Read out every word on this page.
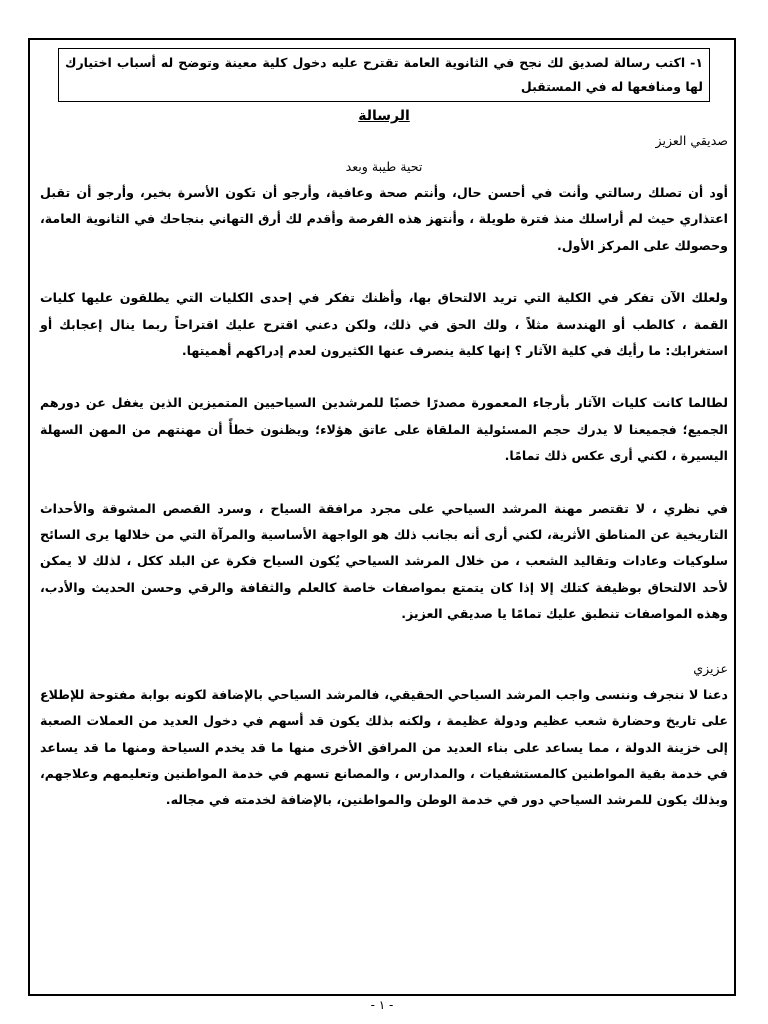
١- اكتب رسالة لصديق لك نجح في الثانوية العامة تقترح عليه دخول كلية معينة وتوضح له أسباب اختيارك لها ومنافعها له في المستقبل
الرسالة
صديقي العزيز
تحية طيبة وبعد

أود أن تصلك رسالتي وأنت في أحسن حال، وأنتم صحة وعافية، وأرجو أن تكون الأسرة بخير، وأرجو أن تقبل اعتذاري حيث لم أراسلك منذ فترة طويلة ، وأنتهز هذه الفرصة وأقدم لك أرق التهاني بنجاحك في الثانوية العامة، وحصولك على المركز الأول.

ولعلك الآن تفكر في الكلية التي تريد الالتحاق بها، وأظنك تفكر في إحدى الكليات التي يطلقون عليها كليات القمة ، كالطب أو الهندسة مثلاً ، ولك الحق في ذلك، ولكن دعني اقترح عليك اقتراحاً ربما ينال إعجابك أو استغرابك: ما رأيك في كلية الآثار ؟ إنها كلية ينصرف عنها الكثيرون لعدم إدراكهم أهميتها.

لطالما كانت كليات الآثار بأرجاء المعمورة مصدرًا خصبًا للمرشدين السياحيين المتميزين الذين يغفل عن دورهم الجميع؛ فجميعنا لا يدرك حجم المسئولية الملقاة على عاتق هؤلاء؛ ويظنون خطأً أن مهنتهم من المهن السهلة اليسيرة ، لكني أرى عكس ذلك تمامًا.

في نظري ، لا تقتصر مهنة المرشد السياحي على مجرد مرافقة السياح ، وسرد القصص المشوقة والأحداث التاريخية عن المناطق الأثرية، لكني أرى أنه بجانب ذلك هو الواجهة الأساسية والمرآة التي من خلالها يرى السائح سلوكيات وعادات وتقاليد الشعب ، من خلال المرشد السياحي يُكون السياح فكرة عن البلد ككل ، لذلك لا يمكن لأحد الالتحاق بوظيفة كتلك إلا إذا كان يتمتع بمواصفات خاصة كالعلم والثقافة والرقي وحسن الحديث والأدب، وهذه المواصفات تنطبق عليك تمامًا يا صديقي العزيز.

عزيزي

دعنا لا ننجرف وننسى واجب المرشد السياحي الحقيقي، فالمرشد السياحي بالإضافة لكونه بوابة مفتوحة للإطلاع على تاريخ وحضارة شعب عظيم ودولة عظيمة ، ولكنه بذلك يكون قد أسهم في دخول العديد من العملات الصعبة إلى خزينة الدولة ، مما يساعد على بناء العديد من المرافق الأخرى منها ما قد يخدم السياحة ومنها ما قد يساعد في خدمة بقية المواطنين كالمستشفيات ، والمدارس ، والمصانع تسهم في خدمة المواطنين وتعليمهم وعلاجهم، وبذلك يكون للمرشد السياحي دور في خدمة الوطن والمواطنين، بالإضافة لخدمته في مجاله.

- ١ -
